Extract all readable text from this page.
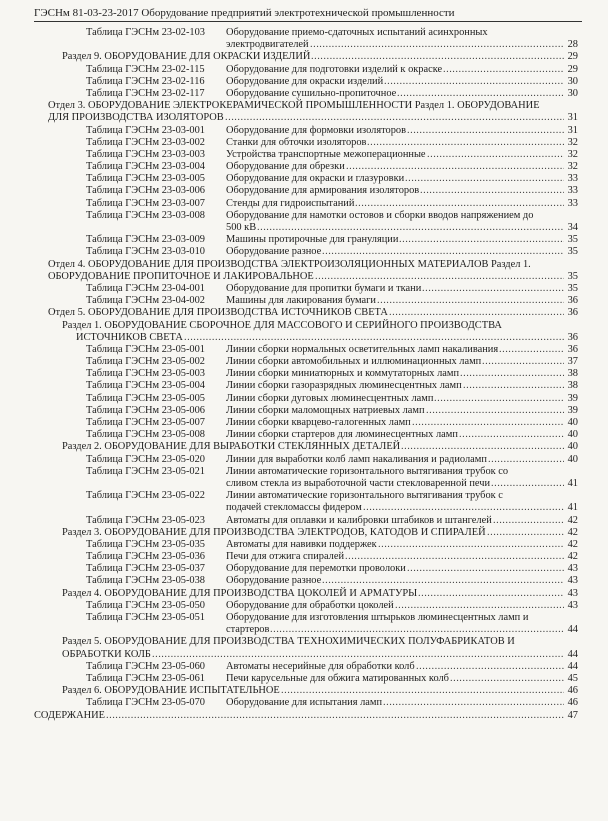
ГЭСНм 81-03-23-2017 Оборудование предприятий электротехнической промышленности
Таблица ГЭСНм 23-02-103 Оборудование приемо-сдаточных испытаний асинхронных
электродвигателей .....	28
Раздел 9. ОБОРУДОВАНИЕ ДЛЯ ОКРАСКИ ИЗДЕЛИЙ .....	29
Таблица ГЭСНм 23-02-115 Оборудование для подготовки изделий к окраске .....	29
Таблица ГЭСНм 23-02-116 Оборудование для окраски изделий .....	30
Таблица ГЭСНм 23-02-117 Оборудование сушильно-пропиточное .....	30
Отдел 3. ОБОРУДОВАНИЕ ЭЛЕКТРОКЕРАМИЧЕСКОЙ ПРОМЫШЛЕННОСТИ Раздел 1. ОБОРУДОВАНИЕ
ДЛЯ ПРОИЗВОДСТВА ИЗОЛЯТОРОВ .....	31
Таблица ГЭСНм 23-03-001 Оборудование для формовки изоляторов .....	31
Таблица ГЭСНм 23-03-002 Станки для обточки изоляторов .....	32
Таблица ГЭСНм 23-03-003 Устройства транспортные межоперационные .....	32
Таблица ГЭСНм 23-03-004 Оборудование для обрезки .....	32
Таблица ГЭСНм 23-03-005 Оборудование для окраски и глазуровки .....	33
Таблица ГЭСНм 23-03-006 Оборудование для армирования изоляторов .....	33
Таблица ГЭСНм 23-03-007 Стенды для гидроиспытаний .....	33
Таблица ГЭСНм 23-03-008 Оборудование для намотки остовов и сборки вводов напряжением до
500 кВ .....	34
Таблица ГЭСНм 23-03-009 Машины протирочные для грануляции .....	35
Таблица ГЭСНм 23-03-010 Оборудование разное .....	35
Отдел 4. ОБОРУДОВАНИЕ ДЛЯ ПРОИЗВОДСТВА ЭЛЕКТРОИЗОЛЯЦИОННЫХ МАТЕРИАЛОВ Раздел 1.
ОБОРУДОВАНИЕ ПРОПИТОЧНОЕ И ЛАКИРОВАЛЬНОЕ .....	35
Таблица ГЭСНм 23-04-001 Оборудование для пропитки бумаги и ткани .....	35
Таблица ГЭСНм 23-04-002 Машины для лакирования бумаги .....	36
Отдел 5. ОБОРУДОВАНИЕ ДЛЯ ПРОИЗВОДСТВА ИСТОЧНИКОВ СВЕТА .....	36
Раздел 1. ОБОРУДОВАНИЕ СБОРОЧНОЕ ДЛЯ МАССОВОГО И СЕРИЙНОГО ПРОИЗВОДСТВА
ИСТОЧНИКОВ СВЕТА .....	36
Таблица ГЭСНм 23-05-001 Линии сборки нормальных осветительных ламп накаливания .....	36
Таблица ГЭСНм 23-05-002 Линии сборки автомобильных и иллюминационных ламп .....	37
Таблица ГЭСНм 23-05-003 Линии сборки миниатюрных и коммутаторных ламп .....	38
Таблица ГЭСНм 23-05-004 Линии сборки газоразрядных люминесцентных ламп .....	38
Таблица ГЭСНм 23-05-005 Линии сборки дуговых люминесцентных ламп .....	39
Таблица ГЭСНм 23-05-006 Линии сборки маломощных натриевых ламп .....	39
Таблица ГЭСНм 23-05-007 Линии сборки кварцево-галогенных ламп .....	40
Таблица ГЭСНм 23-05-008 Линии сборки стартеров для люминесцентных ламп .....	40
Раздел 2. ОБОРУДОВАНИЕ ДЛЯ ВЫРАБОТКИ СТЕКЛЯННЫХ ДЕТАЛЕЙ .....	40
Таблица ГЭСНм 23-05-020 Линии для выработки колб ламп накаливания и радиоламп .....	40
Таблица ГЭСНм 23-05-021 Линии автоматические горизонтального вытягивания трубок со
сливом стекла из выработочной части стекловаренной печи .....	41
Таблица ГЭСНм 23-05-022 Линии автоматические горизонтального вытягивания трубок с
подачей стекломассы фидером .....	41
Таблица ГЭСНм 23-05-023 Автоматы для оплавки и калибровки штабиков и штангелей .....	42
Раздел 3. ОБОРУДОВАНИЕ ДЛЯ ПРОИЗВОДСТВА ЭЛЕКТРОДОВ, КАТОДОВ И СПИРАЛЕЙ .....	42
Таблица ГЭСНм 23-05-035 Автоматы для навивки поддержек .....	42
Таблица ГЭСНм 23-05-036 Печи для отжига спиралей .....	42
Таблица ГЭСНм 23-05-037 Оборудование для перемотки проволоки .....	43
Таблица ГЭСНм 23-05-038 Оборудование разное .....	43
Раздел 4. ОБОРУДОВАНИЕ ДЛЯ ПРОИЗВОДСТВА ЦОКОЛЕЙ И АРМАТУРЫ .....	43
Таблица ГЭСНм 23-05-050 Оборудование для обработки цоколей .....	43
Таблица ГЭСНм 23-05-051 Оборудование для изготовления штырьков люминесцентных ламп и
стартеров .....	44
Раздел 5. ОБОРУДОВАНИЕ ДЛЯ ПРОИЗВОДСТВА ТЕХНОХИМИЧЕСКИХ ПОЛУФАБРИКАТОВ И
ОБРАБОТКИ КОЛБ .....	44
Таблица ГЭСНм 23-05-060 Автоматы несерийные для обработки колб .....	44
Таблица ГЭСНм 23-05-061 Печи карусельные для обжига матированных колб .....	45
Раздел 6. ОБОРУДОВАНИЕ ИСПЫТАТЕЛЬНОЕ .....	46
Таблица ГЭСНм 23-05-070 Оборудование для испытания ламп .....	46
СОДЕРЖАНИЕ .....	47
